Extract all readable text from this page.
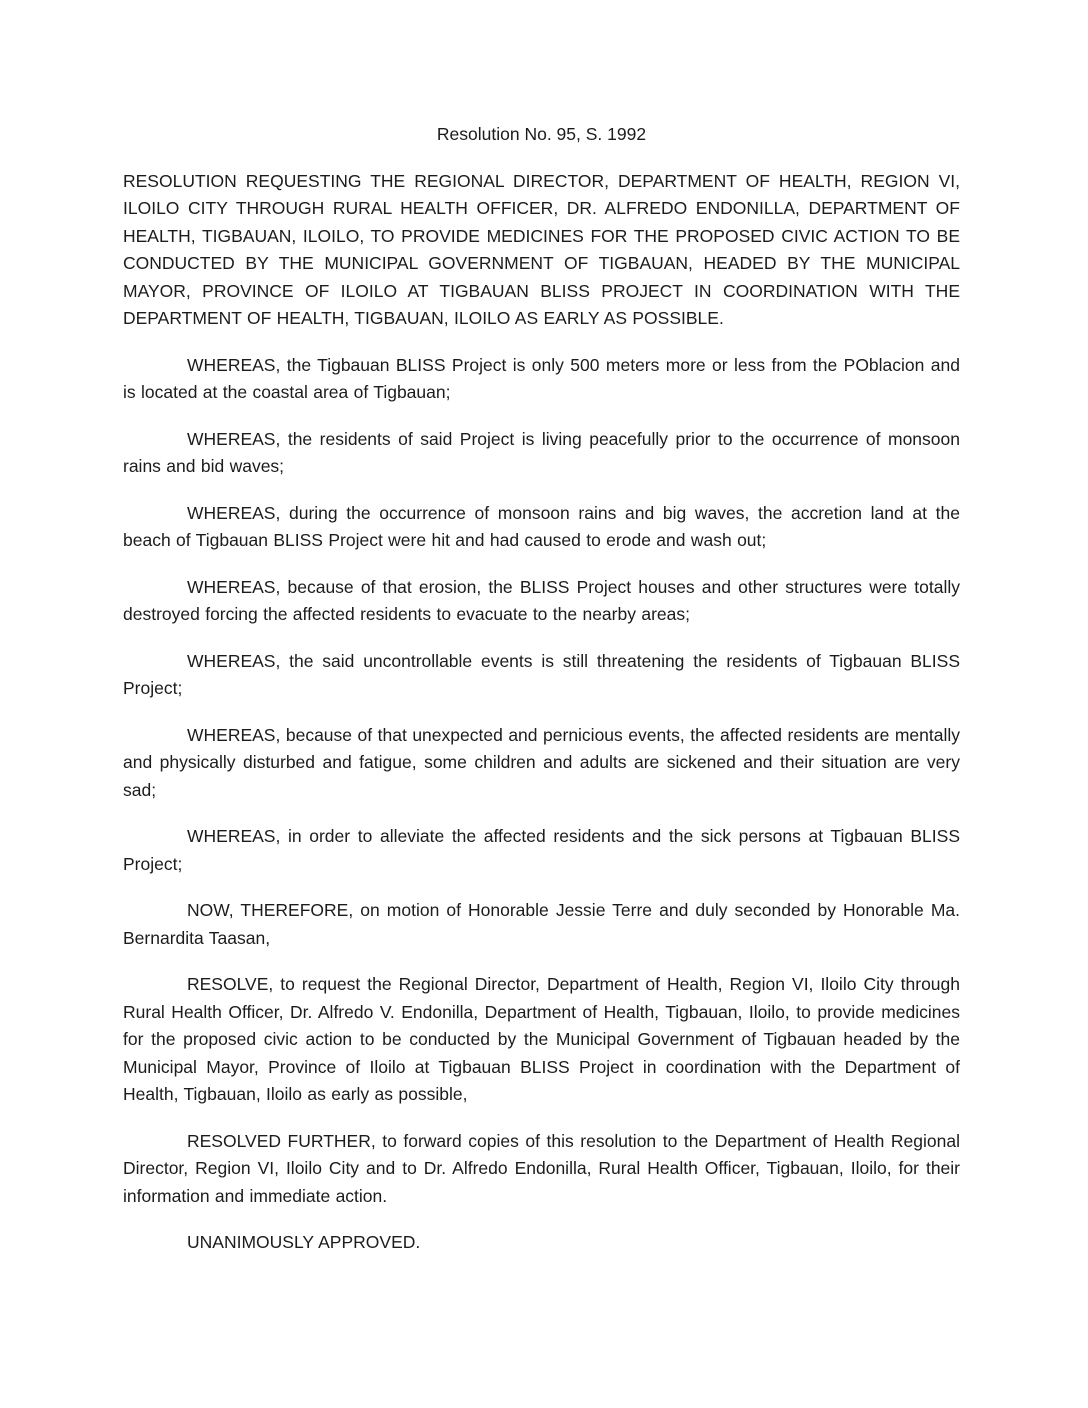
Resolution No. 95, S. 1992

RESOLUTION REQUESTING THE REGIONAL DIRECTOR, DEPARTMENT OF HEALTH, REGION VI, ILOILO CITY THROUGH RURAL HEALTH OFFICER, DR. ALFREDO ENDONILLA, DEPARTMENT OF HEALTH, TIGBAUAN, ILOILO, TO PROVIDE MEDICINES FOR THE PROPOSED CIVIC ACTION TO BE CONDUCTED BY THE MUNICIPAL GOVERNMENT OF TIGBAUAN, HEADED BY THE MUNICIPAL MAYOR, PROVINCE OF ILOILO AT TIGBAUAN BLISS PROJECT IN COORDINATION WITH THE DEPARTMENT OF HEALTH, TIGBAUAN, ILOILO AS EARLY AS POSSIBLE.

WHEREAS, the Tigbauan BLISS Project is only 500 meters more or less from the POblacion and is located at the coastal area of Tigbauan;

WHEREAS, the residents of said Project is living peacefully prior to the occurrence of monsoon rains and bid waves;

WHEREAS, during the occurrence of monsoon rains and big waves, the accretion land at the beach of Tigbauan BLISS Project were hit and had caused to erode and wash out;

WHEREAS, because of that erosion, the BLISS Project houses and other structures were totally destroyed forcing the affected residents to evacuate to the nearby areas;

WHEREAS, the said uncontrollable events is still threatening the residents of Tigbauan BLISS Project;

WHEREAS, because of that unexpected and pernicious events, the affected residents are mentally and physically disturbed and fatigue, some children and adults are sickened and their situation are very sad;

WHEREAS, in order to alleviate the affected residents and the sick persons at Tigbauan BLISS Project;

NOW, THEREFORE, on motion of Honorable Jessie Terre and duly seconded by Honorable Ma. Bernardita Taasan,

RESOLVE, to request the Regional Director, Department of Health, Region VI, Iloilo City through Rural Health Officer, Dr. Alfredo V. Endonilla, Department of Health, Tigbauan, Iloilo, to provide medicines for the proposed civic action to be conducted by the Municipal Government of Tigbauan headed by the Municipal Mayor, Province of Iloilo at Tigbauan BLISS Project in coordination with the Department of Health, Tigbauan, Iloilo as early as possible,

RESOLVED FURTHER, to forward copies of this resolution to the Department of Health Regional Director, Region VI, Iloilo City and to Dr. Alfredo Endonilla, Rural Health Officer, Tigbauan, Iloilo, for their information and immediate action.

UNANIMOUSLY APPROVED.
